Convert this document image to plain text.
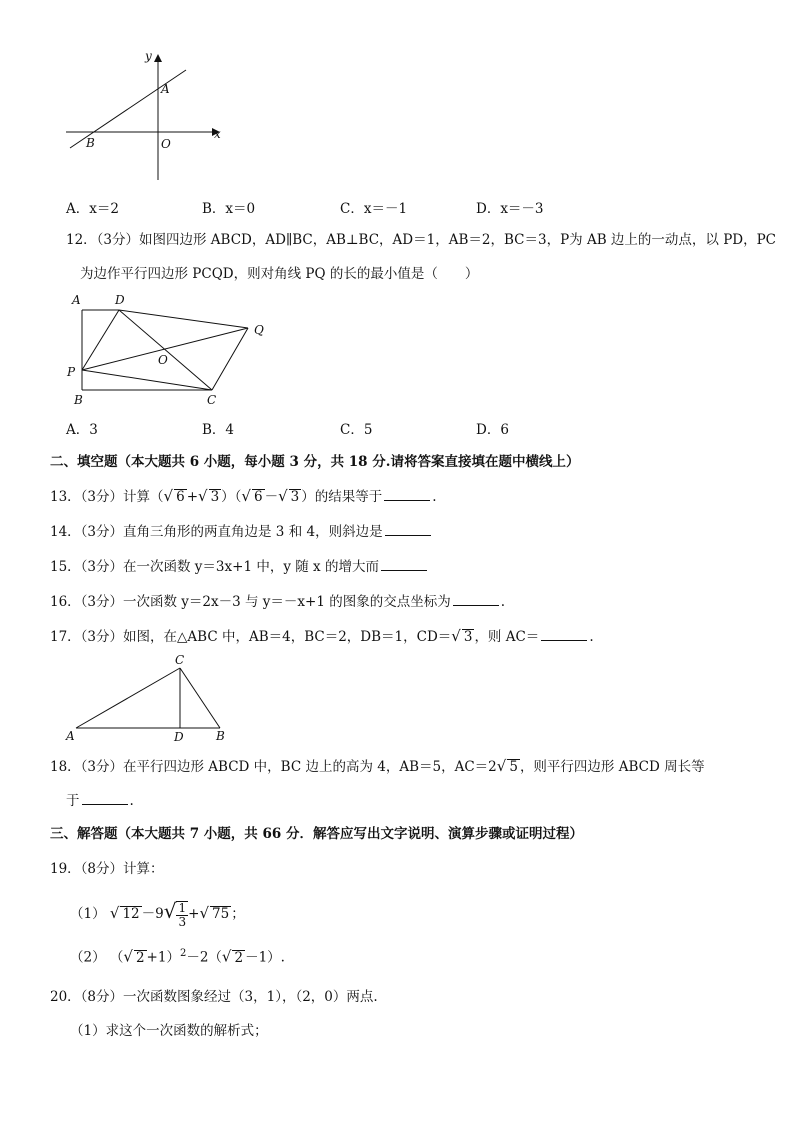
y
x
A
B	O
A．x＝2	B．x＝0	C．x＝－1	D．x＝－3
12．（3分）如图四边形 ABCD，AD∥BC，AB⊥BC，AD＝1，AB＝2，BC＝3，P为 AB 边上的一动点，以 PD，PC
为边作平行四边形 PCQD，则对角线 PQ 的长的最小值是（　　）
A	D
Q
O
P
B	C
A．3	B．4	C．5	D．6
二、填空题（本大题共 6 小题，每小题 3 分，共 18 分.请将答案直接填在题中横线上）
13．（3分）计算（√ 6 +√ 3 ）（√ 6 －√ 3 ）的结果等于	.
14．（3分）直角三角形的两直角边是 3 和 4，则斜边是
15．（3分）在一次函数 y＝3x+1 中，y 随 x 的增大而
16．（3分）一次函数 y＝2x－3 与 y＝－x+1 的图象的交点坐标为	.
17．（3分）如图，在△ABC 中，AB＝4，BC＝2，DB＝1，CD＝√ 3 ，则 AC＝	.
C
A	D	B
18．（3分）在平行四边形 ABCD 中，BC 边上的高为 4，AB＝5，AC＝2√ 5 ，则平行四边形 ABCD 周长等
于	.
三、解答题（本大题共 7 小题，共 66 分．解答应写出文字说明、演算步骤或证明过程）
19．（8分）计算：
（1） √ $12 -9√ \frac{1}{3}$ +√ 75 ；
（2） （√ 2 +1）$^2$－2（√ 2 －1）.
20．（8分）一次函数图象经过（3，1），（2，0）两点.
（1）求这个一次函数的解析式；
